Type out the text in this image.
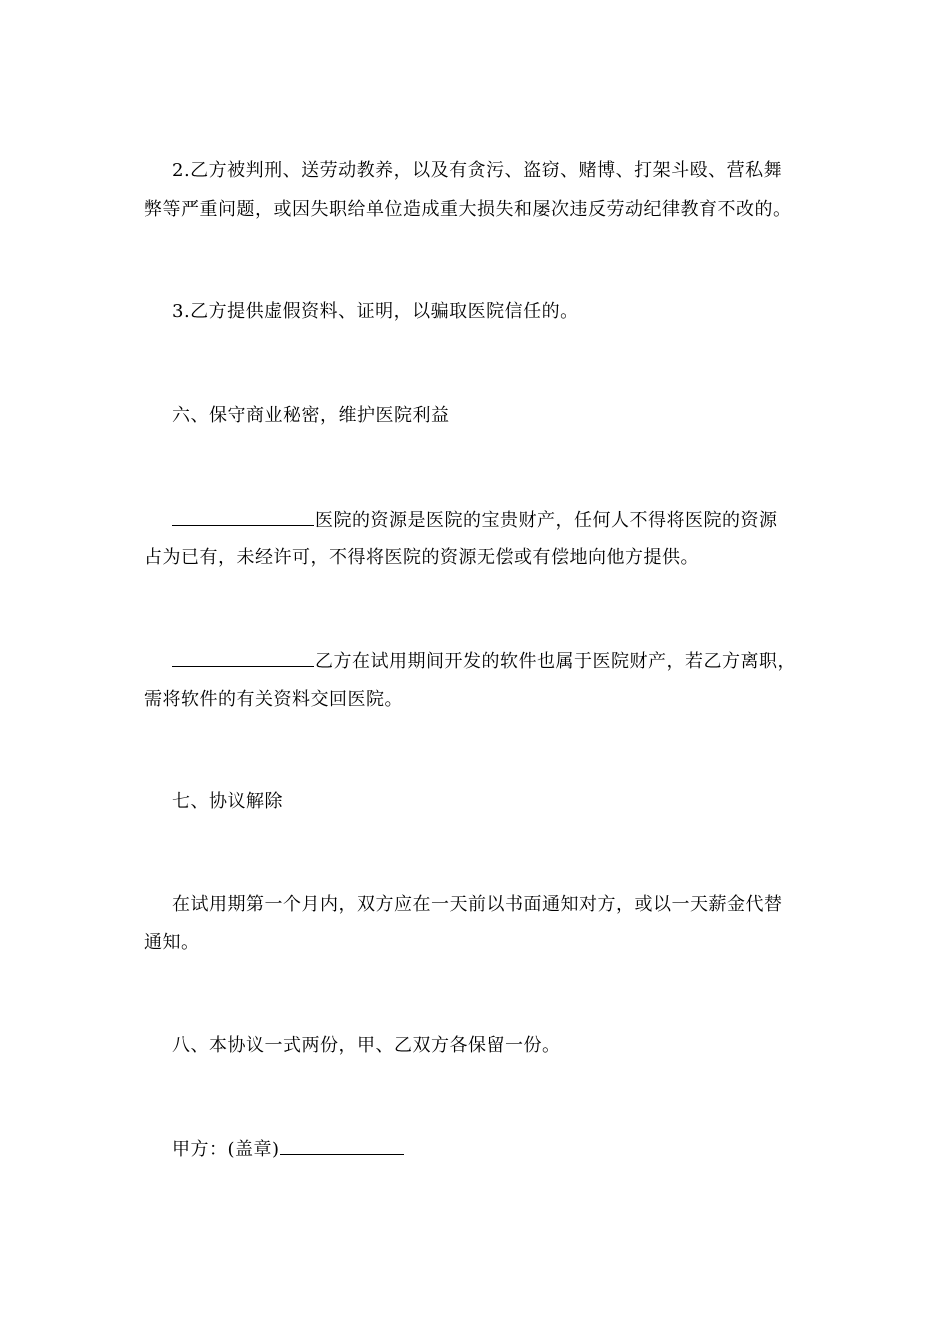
2.乙方被判刑、送劳动教养，以及有贪污、盗窃、赌博、打架斗殴、营私舞
弊等严重问题，或因失职给单位造成重大损失和屡次违反劳动纪律教育不改的。
3.乙方提供虚假资料、证明，以骗取医院信任的。
六、保守商业秘密，维护医院利益
医院的资源是医院的宝贵财产，任何人不得将医院的资源
占为已有，未经许可，不得将医院的资源无偿或有偿地向他方提供。
乙方在试用期间开发的软件也属于医院财产，若乙方离职，
需将软件的有关资料交回医院。
七、协议解除
在试用期第一个月内，双方应在一天前以书面通知对方，或以一天薪金代替
通知。
八、本协议一式两份，甲、乙双方各保留一份。
甲方：(盖章)
